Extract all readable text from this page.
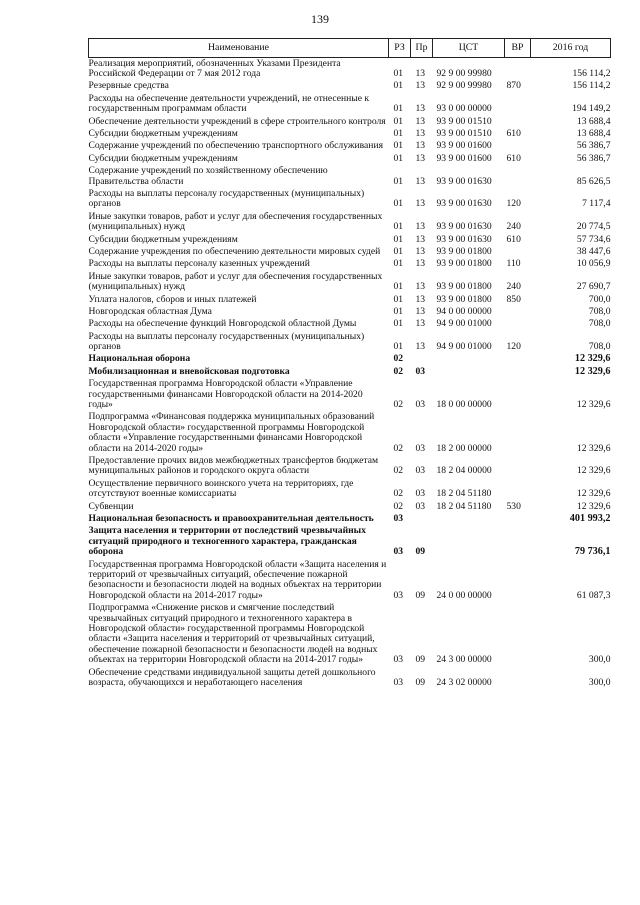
139
Наименование	РЗ	Пр	ЦСТ	ВР	2016 год
Реализация мероприятий, обозначенных Указами Президента Российской Федерации от 7 мая 2012 года	01	13	92 9 00 99980		156 114,2
Резервные средства	01	13	92 9 00 99980	870	156 114,2
Расходы на обеспечение деятельности учреждений, не отнесенные к государственным программам области	01	13	93 0 00 00000		194 149,2
Обеспечение деятельности учреждений в сфере строительного контроля	01	13	93 9 00 01510		13 688,4
Субсидии бюджетным учреждениям	01	13	93 9 00 01510	610	13 688,4
Содержание учреждений по обеспечению транспортного обслуживания	01	13	93 9 00 01600		56 386,7
Субсидии бюджетным учреждениям	01	13	93 9 00 01600	610	56 386,7
Содержание учреждений по хозяйственному обеспечению Правительства области	01	13	93 9 00 01630		85 626,5
Расходы на выплаты персоналу государственных (муниципальных) органов	01	13	93 9 00 01630	120	7 117,4
Иные закупки товаров, работ и услуг для обеспечения государственных (муниципальных) нужд	01	13	93 9 00 01630	240	20 774,5
Субсидии бюджетным учреждениям	01	13	93 9 00 01630	610	57 734,6
Содержание учреждения по обеспечению деятельности мировых судей	01	13	93 9 00 01800		38 447,6
Расходы на выплаты персоналу казенных учреждений	01	13	93 9 00 01800	110	10 056,9
Иные закупки товаров, работ и услуг для обеспечения государственных (муниципальных) нужд	01	13	93 9 00 01800	240	27 690,7
Уплата налогов, сборов и иных платежей	01	13	93 9 00 01800	850	700,0
Новгородская областная Дума	01	13	94 0 00 00000		708,0
Расходы на обеспечение функций Новгородской областной Думы	01	13	94 9 00 01000		708,0
Расходы на выплаты персоналу государственных (муниципальных) органов	01	13	94 9 00 01000	120	708,0
Национальная оборона	02				12 329,6
Мобилизационная и вневойсковая подготовка	02	03			12 329,6
Государственная программа Новгородской области «Управление государственными финансами Новгородской области на 2014-2020 годы»	02	03	18 0 00 00000		12 329,6
Подпрограмма «Финансовая поддержка муниципальных образований Новгородской области» государственной программы Новгородской области «Управление государственными финансами Новгородской области на 2014-2020 годы»	02	03	18 2 00 00000		12 329,6
Предоставление прочих видов межбюджетных трансфертов бюджетам муниципальных районов и городского округа области	02	03	18 2 04 00000		12 329,6
Осуществление первичного воинского учета на территориях, где отсутствуют военные комиссариаты	02	03	18 2 04 51180		12 329,6
Субвенции	02	03	18 2 04 51180	530	12 329,6
Национальная безопасность и правоохранительная деятельность	03				401 993,2
Защита населения и территории от последствий чрезвычайных ситуаций природного и техногенного характера, гражданская оборона	03	09			79 736,1
Государственная программа Новгородской области «Защита населения и территорий от чрезвычайных ситуаций, обеспечение пожарной безопасности и безопасности людей на водных объектах на территории Новгородской области на 2014-2017 годы»	03	09	24 0 00 00000		61 087,3
Подпрограмма «Снижение рисков и смягчение последствий чрезвычайных ситуаций природного и техногенного характера в Новгородской области» государственной программы Новгородской области «Защита населения и территорий от чрезвычайных ситуаций, обеспечение пожарной безопасности и безопасности людей на водных объектах на территории Новгородской области на 2014-2017 годы»	03	09	24 3 00 00000		300,0
Обеспечение средствами индивидуальной защиты детей дошкольного возраста, обучающихся и неработающего населения	03	09	24 3 02 00000		300,0
